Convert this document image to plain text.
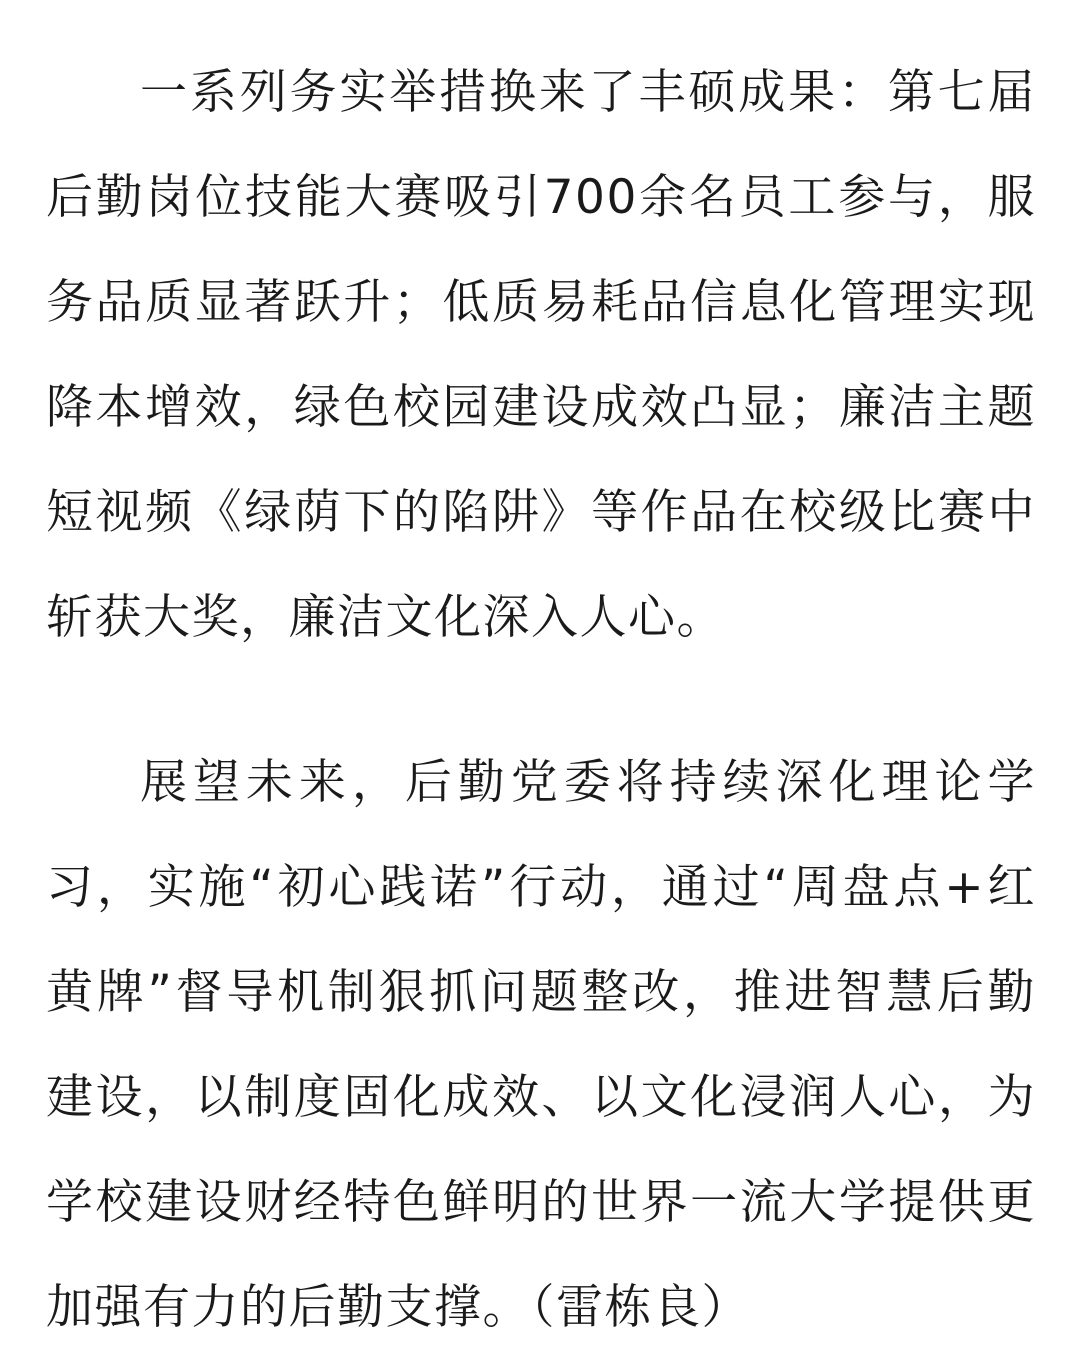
一系列务实举措换来了丰硕成果：第七届后勤岗位技能大赛吸引700余名员工参与，服务品质显著跃升；低质易耗品信息化管理实现降本增效，绿色校园建设成效凸显；廉洁主题短视频《绿荫下的陷阱》等作品在校级比赛中斩获大奖，廉洁文化深入人心。

展望未来，后勤党委将持续深化理论学习，实施“初心践诺”行动，通过“周盘点+红黄牌”督导机制狠抓问题整改，推进智慧后勤建设，以制度固化成效、以文化浸润人心，为学校建设财经特色鲜明的世界一流大学提供更加强有力的后勤支撑。（雷栋良）
